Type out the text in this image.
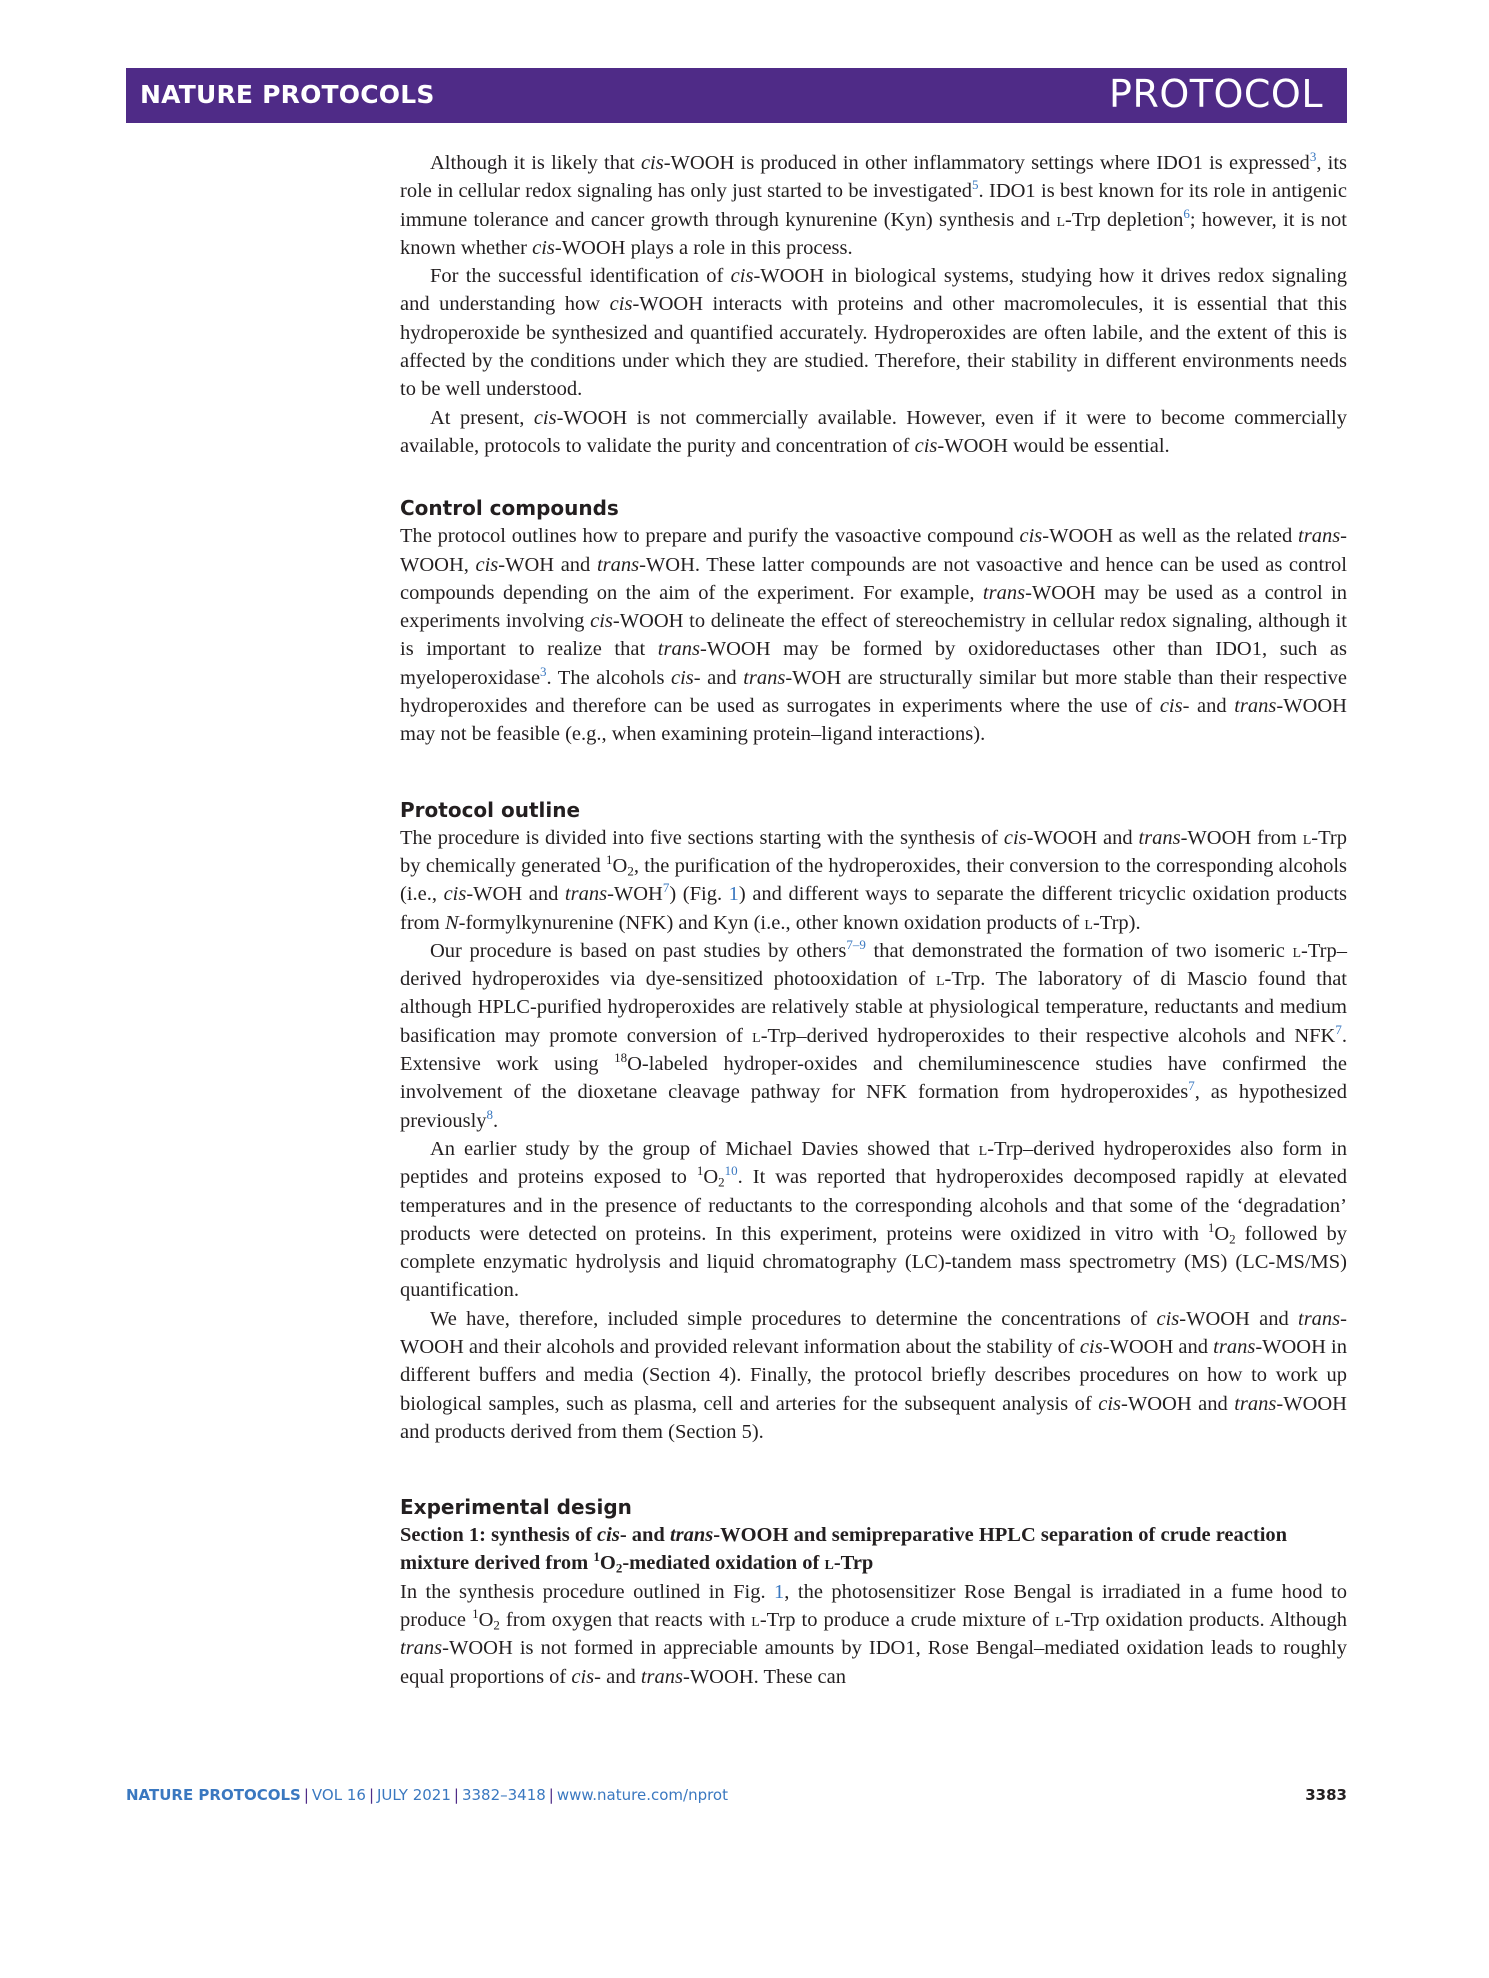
NATURE PROTOCOLS	PROTOCOL

Although it is likely that cis-WOOH is produced in other inflammatory settings where IDO1 is expressed$^3$, its role in cellular redox signaling has only just started to be investigated$^5$. IDO1 is best known for its role in antigenic immune tolerance and cancer growth through kynurenine (Kyn) synthesis and l-Trp depletion$^6$; however, it is not known whether cis-WOOH plays a role in this process.

For the successful identification of cis-WOOH in biological systems, studying how it drives redox signaling and understanding how cis-WOOH interacts with proteins and other macromolecules, it is essential that this hydroperoxide be synthesized and quantified accurately. Hydroperoxides are often labile, and the extent of this is affected by the conditions under which they are studied. Therefore, their stability in different environments needs to be well understood.

At present, cis-WOOH is not commercially available. However, even if it were to become commercially available, protocols to validate the purity and concentration of cis-WOOH would be essential.

Control compounds

The protocol outlines how to prepare and purify the vasoactive compound cis-WOOH as well as the related trans-WOOH, cis-WOH and trans-WOH. These latter compounds are not vasoactive and hence can be used as control compounds depending on the aim of the experiment. For example, trans-WOOH may be used as a control in experiments involving cis-WOOH to delineate the effect of stereochemistry in cellular redox signaling, although it is important to realize that trans-WOOH may be formed by oxidoreductases other than IDO1, such as myeloperoxidase$^3$. The alcohols cis- and trans-WOH are structurally similar but more stable than their respective hydroperoxides and therefore can be used as surrogates in experiments where the use of cis- and trans-WOOH may not be feasible (e.g., when examining protein–ligand interactions).

Protocol outline

The procedure is divided into five sections starting with the synthesis of cis-WOOH and trans-WOOH from l-Trp by chemically generated $^1O_2$, the purification of the hydroperoxides, their conversion to the corresponding alcohols (i.e., cis-WOH and trans-WOH$^7$) (Fig. 1) and different ways to separate the different tricyclic oxidation products from N-formylkynurenine (NFK) and Kyn (i.e., other known oxidation products of l-Trp).

Our procedure is based on past studies by others$^{7-9}$ that demonstrated the formation of two isomeric l-Trp–derived hydroperoxides via dye-sensitized photooxidation of l-Trp. The laboratory of di Mascio found that although HPLC-purified hydroperoxides are relatively stable at physiological temperature, reductants and medium basification may promote conversion of l-Trp–derived hydroperoxides to their respective alcohols and NFK$^7$. Extensive work using $^{18}$O-labeled hydroper-oxides and chemiluminescence studies have confirmed the involvement of the dioxetane cleavage pathway for NFK formation from hydroperoxides$^7$, as hypothesized previously$^8$.

An earlier study by the group of Michael Davies showed that l-Trp–derived hydroperoxides also form in peptides and proteins exposed to $^1O_2^{10}$. It was reported that hydroperoxides decomposed rapidly at elevated temperatures and in the presence of reductants to the corresponding alcohols and that some of the ‘degradation’ products were detected on proteins. In this experiment, proteins were oxidized in vitro with $^1O_2$ followed by complete enzymatic hydrolysis and liquid chromatography (LC)-tandem mass spectrometry (MS) (LC-MS/MS) quantification.

We have, therefore, included simple procedures to determine the concentrations of cis-WOOH and trans-WOOH and their alcohols and provided relevant information about the stability of cis-WOOH and trans-WOOH in different buffers and media (Section 4). Finally, the protocol briefly describes procedures on how to work up biological samples, such as plasma, cell and arteries for the subsequent analysis of cis-WOOH and trans-WOOH and products derived from them (Section 5).

Experimental design
Section 1: synthesis of cis- and trans-WOOH and semipreparative HPLC separation of crude reaction mixture derived from $^1O_2$-mediated oxidation of l-Trp

In the synthesis procedure outlined in Fig. 1, the photosensitizer Rose Bengal is irradiated in a fume hood to produce $^1O_2$ from oxygen that reacts with l-Trp to produce a crude mixture of l-Trp oxidation products. Although trans-WOOH is not formed in appreciable amounts by IDO1, Rose Bengal–mediated oxidation leads to roughly equal proportions of cis- and trans-WOOH. These can

NATURE PROTOCOLS | VOL 16 | JULY 2021 | 3382–3418 | www.nature.com/nprot	3383
